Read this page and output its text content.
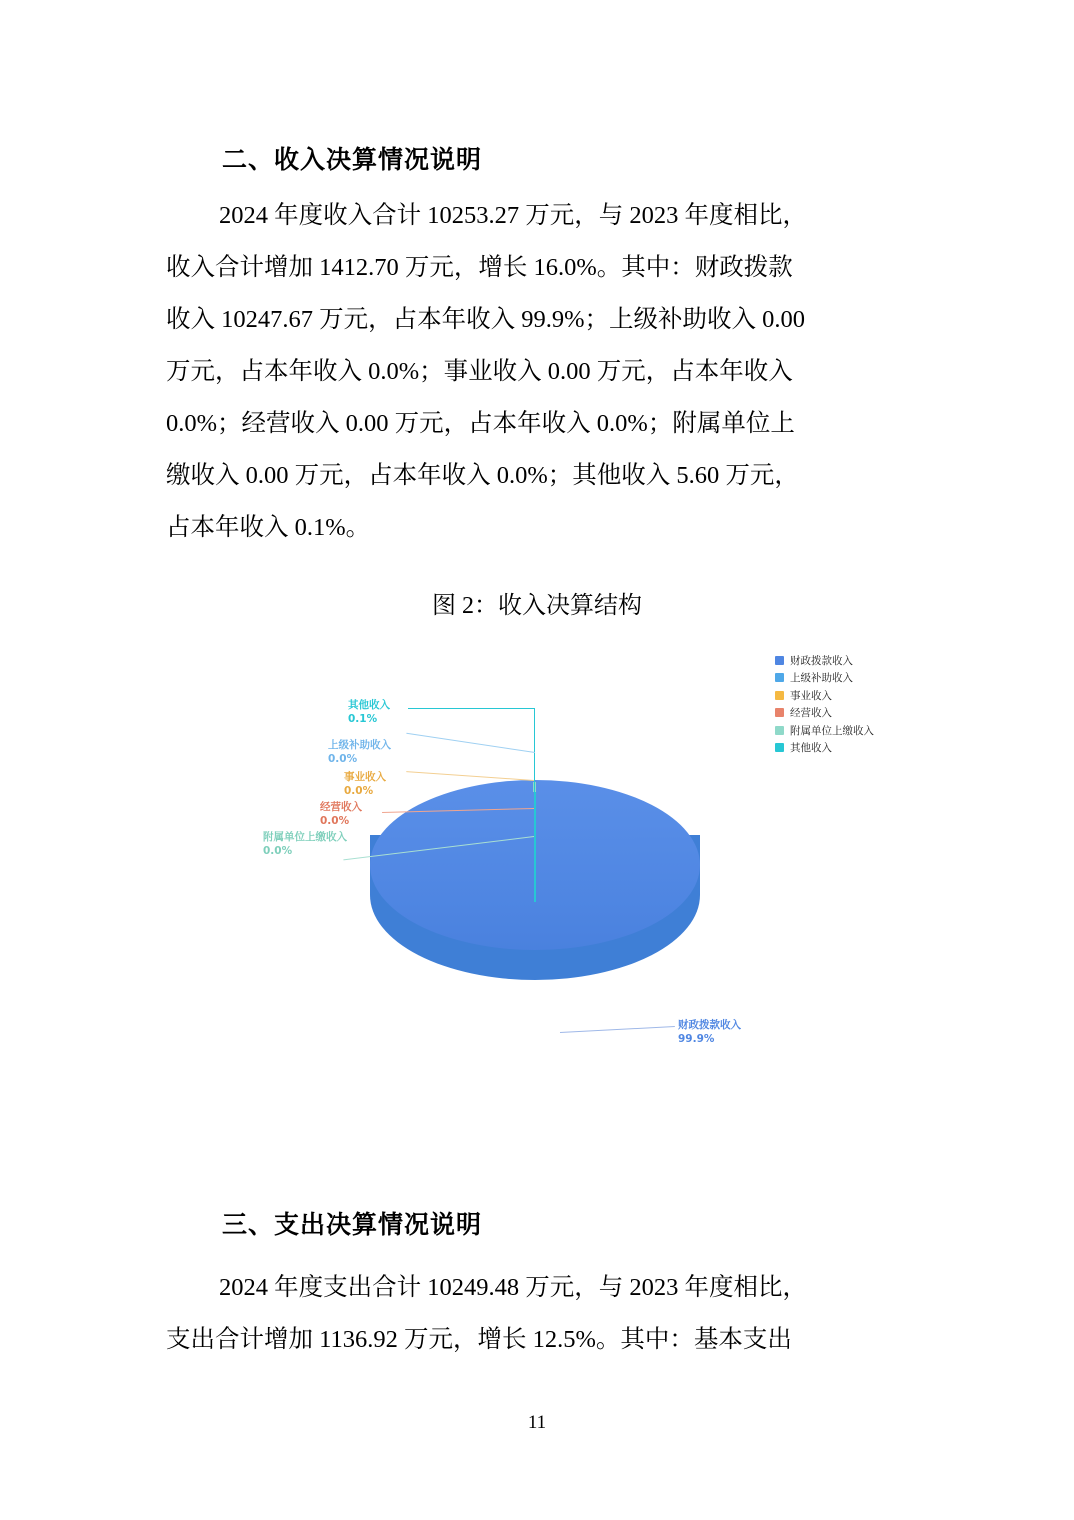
二、收入决算情况说明
2024 年度收入合计 10253.27 万元，与 2023 年度相比，
收入合计增加 1412.70 万元，增长 16.0%。其中：财政拨款
收入 10247.67 万元，占本年收入 99.9%；上级补助收入 0.00
万元，占本年收入 0.0%；事业收入 0.00 万元，占本年收入
0.0%；经营收入 0.00 万元，占本年收入 0.0%；附属单位上
缴收入 0.00 万元，占本年收入 0.0%；其他收入 5.60 万元，
占本年收入 0.1%。
图 2：收入决算结构
财政拨款收入
上级补助收入
事业收入
经营收入
附属单位上缴收入
其他收入
其他收入
0.1%
上级补助收入
0.0%
事业收入
0.0%
经营收入
0.0%
附属单位上缴收入
0.0%
财政拨款收入
99.9%
三、支出决算情况说明
2024 年度支出合计 10249.48 万元，与 2023 年度相比，
支出合计增加 1136.92 万元，增长 12.5%。其中：基本支出
11
